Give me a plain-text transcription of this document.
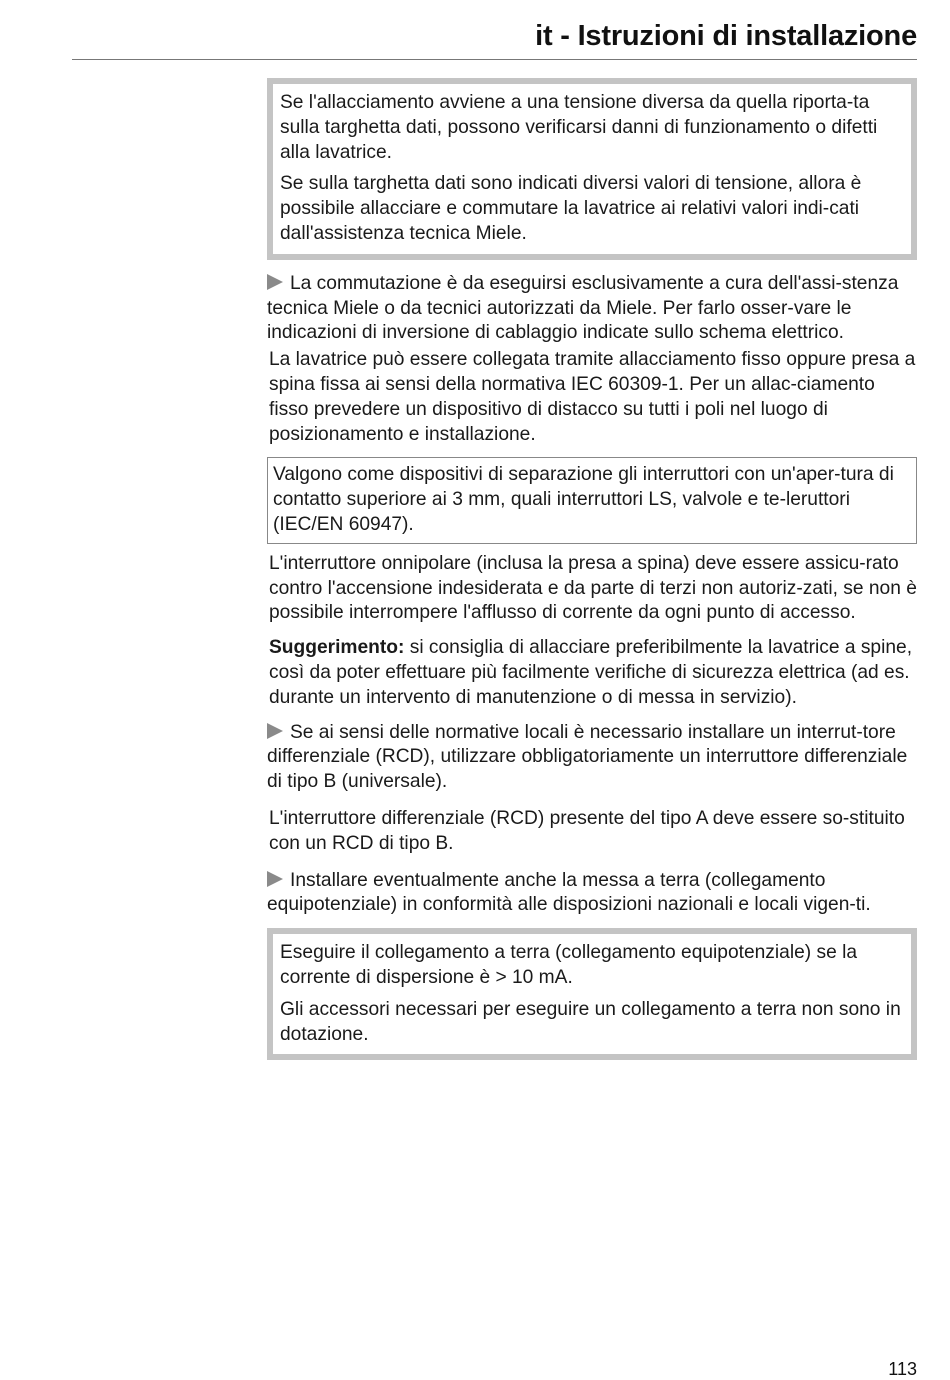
it - Istruzioni di installazione

Se l'allacciamento avviene a una tensione diversa da quella riporta-ta sulla targhetta dati, possono verificarsi danni di funzionamento o difetti alla lavatrice.

Se sulla targhetta dati sono indicati diversi valori di tensione, allora è possibile allacciare e commutare la lavatrice ai relativi valori indi-cati dall'assistenza tecnica Miele.

La commutazione è da eseguirsi esclusivamente a cura dell'assi-stenza tecnica Miele o da tecnici autorizzati da Miele. Per farlo osser-vare le indicazioni di inversione di cablaggio indicate sullo schema elettrico.

La lavatrice può essere collegata tramite allacciamento fisso oppure presa a spina fissa ai sensi della normativa IEC 60309-1. Per un allac-ciamento fisso prevedere un dispositivo di distacco su tutti i poli nel luogo di posizionamento e installazione.

Valgono come dispositivi di separazione gli interruttori con un'aper-tura di contatto superiore ai 3 mm, quali interruttori LS, valvole e te-leruttori (IEC/EN 60947).

L'interruttore onnipolare (inclusa la presa a spina) deve essere assicu-rato contro l'accensione indesiderata e da parte di terzi non autoriz-zati, se non è possibile interrompere l'afflusso di corrente da ogni punto di accesso.

Suggerimento: si consiglia di allacciare preferibilmente la lavatrice a spine, così da poter effettuare più facilmente verifiche di sicurezza elettrica (ad es. durante un intervento di manutenzione o di messa in servizio).

Se ai sensi delle normative locali è necessario installare un interrut-tore differenziale (RCD), utilizzare obbligatoriamente un interruttore differenziale di tipo B (universale).

L'interruttore differenziale (RCD) presente del tipo A deve essere so-stituito con un RCD di tipo B.

Installare eventualmente anche la messa a terra (collegamento equipotenziale) in conformità alle disposizioni nazionali e locali vigen-ti.

Eseguire il collegamento a terra (collegamento equipotenziale) se la corrente di dispersione è > 10 mA.

Gli accessori necessari per eseguire un collegamento a terra non sono in dotazione.

113
